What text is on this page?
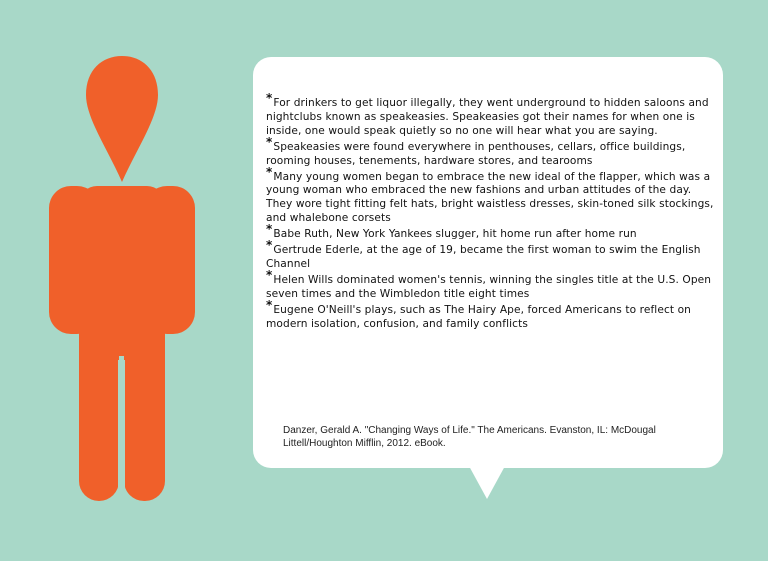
*For drinkers to get liquor illegally, they went underground to hidden saloons and nightclubs known as speakeasies. Speakeasies got their names for when one is inside, one would speak quietly so no one will hear what you are saying.
*Speakeasies were found everywhere in penthouses, cellars, office buildings, rooming houses, tenements, hardware stores, and tearooms
*Many young women began to embrace the new ideal of the flapper, which was a young woman who embraced the new fashions and urban attitudes of the day. They wore tight fitting felt hats, bright waistless dresses, skin-toned silk stockings, and whalebone corsets
*Babe Ruth, New York Yankees slugger, hit home run after home run
*Gertrude Ederle, at the age of 19, became the first woman to swim the English Channel
*Helen Wills dominated women's tennis, winning the singles title at the U.S. Open seven times and the Wimbledon title eight times
*Eugene O'Neill's plays, such as The Hairy Ape, forced Americans to reflect on modern isolation, confusion, and family conflicts
Danzer, Gerald A. "Changing Ways of Life." The Americans. Evanston, IL: McDougal Littell/Houghton Mifflin, 2012. eBook.
